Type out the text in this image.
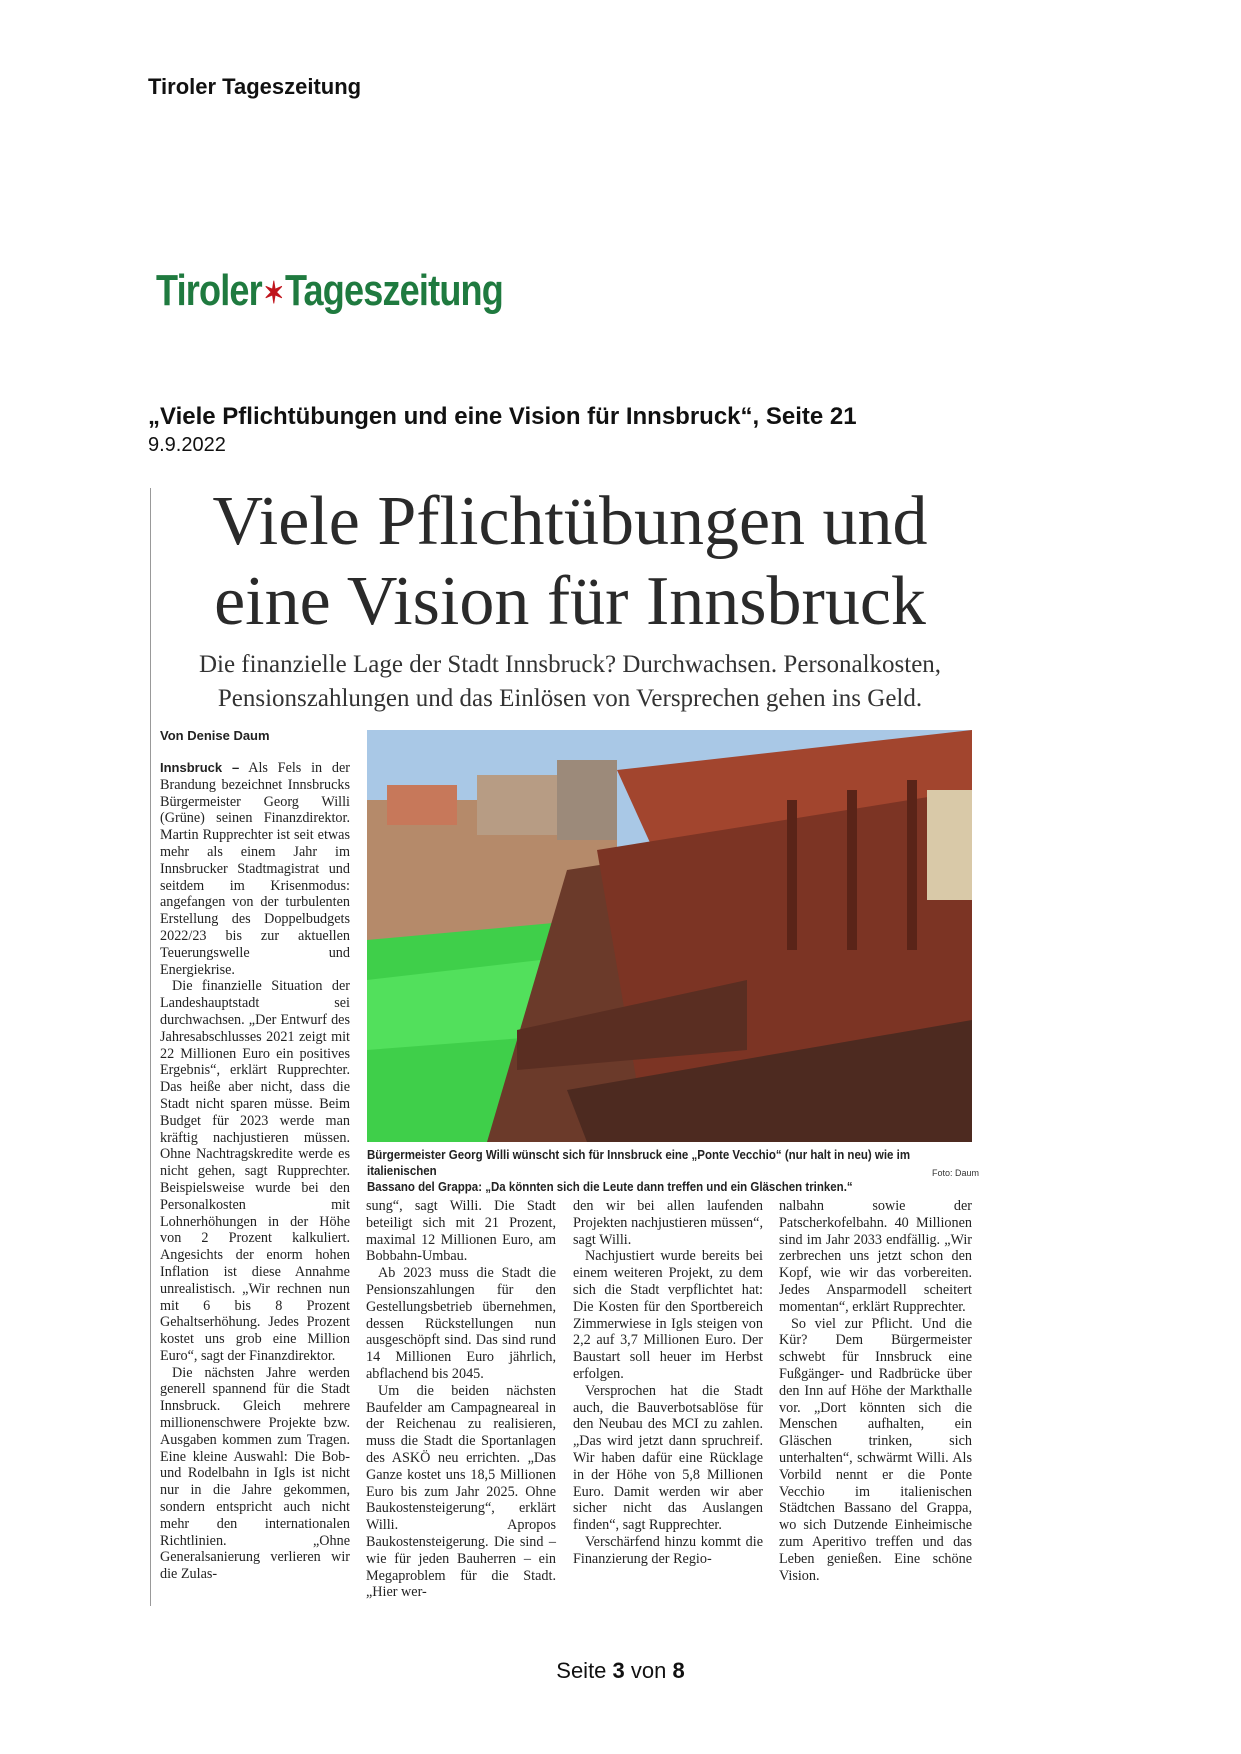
Tiroler Tageszeitung
Tiroler✶Tageszeitung
„Viele Pflichtübungen und eine Vision für Innsbruck“, Seite 21
9.9.2022
Viele Pflichtübungen und
eine Vision für Innsbruck
Die finanzielle Lage der Stadt Innsbruck? Durchwachsen. Personalkosten,
Pensionszahlungen und das Einlösen von Versprechen gehen ins Geld.
Von Denise Daum

Innsbruck – Als Fels in der Brandung bezeichnet Innsbrucks Bürgermeister Georg Willi (Grüne) seinen Finanzdirektor. Martin Rupprechter ist seit etwas mehr als einem Jahr im Innsbrucker Stadtmagistrat und seitdem im Krisenmodus: angefangen von der turbulenten Erstellung des Doppelbudgets 2022/23 bis zur aktuellen Teuerungswelle und Energiekrise.

Die finanzielle Situation der Landeshauptstadt sei durchwachsen. „Der Entwurf des Jahresabschlusses 2021 zeigt mit 22 Millionen Euro ein positives Ergebnis“, erklärt Rupprechter. Das heiße aber nicht, dass die Stadt nicht sparen müsse. Beim Budget für 2023 werde man kräftig nachjustieren müssen. Ohne Nachtragskredite werde es nicht gehen, sagt Rupprechter. Beispielsweise wurde bei den Personalkosten mit Lohnerhöhungen in der Höhe von 2 Prozent kalkuliert. Angesichts der enorm hohen Inflation ist diese Annahme unrealistisch. „Wir rechnen nun mit 6 bis 8 Prozent Gehaltserhöhung. Jedes Prozent kostet uns grob eine Million Euro“, sagt der Finanzdirektor.

Die nächsten Jahre werden generell spannend für die Stadt Innsbruck. Gleich mehrere millionenschwere Projekte bzw. Ausgaben kommen zum Tragen. Eine kleine Auswahl: Die Bob-und Rodelbahn in Igls ist nicht nur in die Jahre gekommen, sondern entspricht auch nicht mehr den internationalen Richtlinien. „Ohne Generalsanierung verlieren wir die Zulas-

Bürgermeister Georg Willi wünscht sich für Innsbruck eine „Ponte Vecchio“ (nur halt in neu) wie im italienischen
Bassano del Grappa: „Da könnten sich die Leute dann treffen und ein Gläschen trinken.“
Foto: Daum

sung“, sagt Willi. Die Stadt beteiligt sich mit 21 Prozent, maximal 12 Millionen Euro, am Bobbahn-Umbau.

Ab 2023 muss die Stadt die Pensionszahlungen für den Gestellungsbetrieb übernehmen, dessen Rückstellungen nun ausgeschöpft sind. Das sind rund 14 Millionen Euro jährlich, abflachend bis 2045.

Um die beiden nächsten Baufelder am Campagneareal in der Reichenau zu realisieren, muss die Stadt die Sportanlagen des ASKÖ neu errichten. „Das Ganze kostet uns 18,5 Millionen Euro bis zum Jahr 2025. Ohne Baukostensteigerung“, erklärt Willi. Apropos Baukostensteigerung. Die sind – wie für jeden Bauherren – ein Megaproblem für die Stadt. „Hier wer-

den wir bei allen laufenden Projekten nachjustieren müssen“, sagt Willi.

Nachjustiert wurde bereits bei einem weiteren Projekt, zu dem sich die Stadt verpflichtet hat: Die Kosten für den Sportbereich Zimmerwiese in Igls steigen von 2,2 auf 3,7 Millionen Euro. Der Baustart soll heuer im Herbst erfolgen.

Versprochen hat die Stadt auch, die Bauverbotsablöse für den Neubau des MCI zu zahlen. „Das wird jetzt dann spruchreif. Wir haben dafür eine Rücklage in der Höhe von 5,8 Millionen Euro. Damit werden wir aber sicher nicht das Auslangen finden“, sagt Rupprechter.

Verschärfend hinzu kommt die Finanzierung der Regio-

nalbahn sowie der Patscherkofelbahn. 40 Millionen sind im Jahr 2033 endfällig. „Wir zerbrechen uns jetzt schon den Kopf, wie wir das vorbereiten. Jedes Ansparmodell scheitert momentan“, erklärt Rupprechter.

So viel zur Pflicht. Und die Kür? Dem Bürgermeister schwebt für Innsbruck eine Fußgänger- und Radbrücke über den Inn auf Höhe der Markthalle vor. „Dort könnten sich die Menschen aufhalten, ein Gläschen trinken, sich unterhalten“, schwärmt Willi. Als Vorbild nennt er die Ponte Vecchio im italienischen Städtchen Bassano del Grappa, wo sich Dutzende Einheimische zum Aperitivo treffen und das Leben genießen. Eine schöne Vision.

Seite 3 von 8
